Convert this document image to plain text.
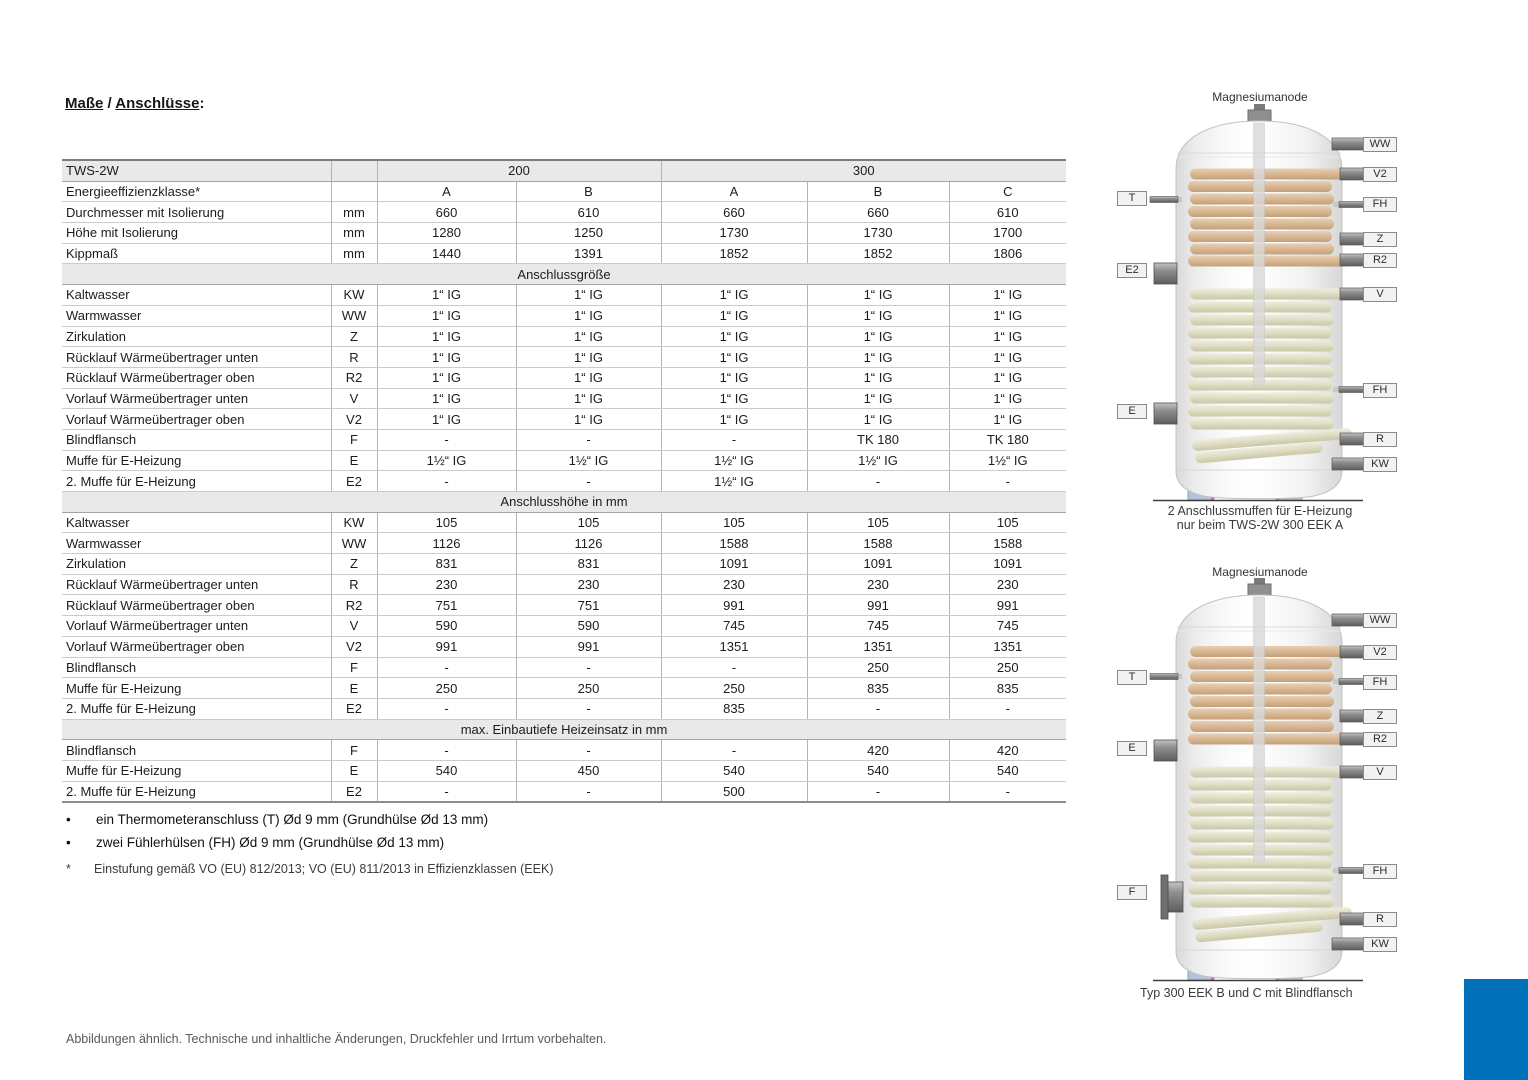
Maße / Anschlüsse:
TWS-2W		200		300		
Energieeffizienzklasse*		A	B	A	B	C
Durchmesser mit Isolierung	mm	660	610	660	660	610
Höhe mit Isolierung	mm	1280	1250	1730	1730	1700
Kippmaß	mm	1440	1391	1852	1852	1806
Anschlussgröße						
Kaltwasser	KW	1“ IG	1“ IG	1“ IG	1“ IG	1“ IG
Warmwasser	WW	1“ IG	1“ IG	1“ IG	1“ IG	1“ IG
Zirkulation	Z	1“ IG	1“ IG	1“ IG	1“ IG	1“ IG
Rücklauf Wärmeübertrager unten	R	1“ IG	1“ IG	1“ IG	1“ IG	1“ IG
Rücklauf Wärmeübertrager oben	R2	1“ IG	1“ IG	1“ IG	1“ IG	1“ IG
Vorlauf Wärmeübertrager unten	V	1“ IG	1“ IG	1“ IG	1“ IG	1“ IG
Vorlauf Wärmeübertrager oben	V2	1“ IG	1“ IG	1“ IG	1“ IG	1“ IG
Blindflansch	F	-	-	-	TK 180	TK 180
Muffe für E-Heizung	E	1½“ IG	1½“ IG	1½“ IG	1½“ IG	1½“ IG
2. Muffe für E-Heizung	E2	-	-	1½“ IG	-	-
Anschlusshöhe in mm						
Kaltwasser	KW	105	105	105	105	105
Warmwasser	WW	1126	1126	1588	1588	1588
Zirkulation	Z	831	831	1091	1091	1091
Rücklauf Wärmeübertrager unten	R	230	230	230	230	230
Rücklauf Wärmeübertrager oben	R2	751	751	991	991	991
Vorlauf Wärmeübertrager unten	V	590	590	745	745	745
Vorlauf Wärmeübertrager oben	V2	991	991	1351	1351	1351
Blindflansch	F	-	-	-	250	250
Muffe für E-Heizung	E	250	250	250	835	835
2. Muffe für E-Heizung	E2	-	-	835	-	-
max. Einbautiefe Heizeinsatz in mm						
Blindflansch	F	-	-	-	420	420
Muffe für E-Heizung	E	540	450	540	540	540
2. Muffe für E-Heizung	E2	-	-	500	-	-
•	ein Thermometeranschluss (T) Ød 9 mm (Grundhülse Ød 13 mm)
•	zwei Fühlerhülsen (FH) Ød 9 mm (Grundhülse Ød 13 mm)
* Einstufung gemäß VO (EU) 812/2013; VO (EU) 811/2013 in Effizienzklassen (EEK)
Abbildungen ähnlich. Technische und inhaltliche Änderungen, Druckfehler und Irrtum vorbehalten.
Magnesiumanode
T
E2
E
WW
V2
FH
Z
R2
V
FH
R
KW
2 Anschlussmuffen für E-Heizung
nur beim TWS-2W 300 EEK A
Magnesiumanode
T
E
F
WW
V2
FH
Z
R2
V
FH
R
KW
Typ 300 EEK B und C mit Blindflansch
